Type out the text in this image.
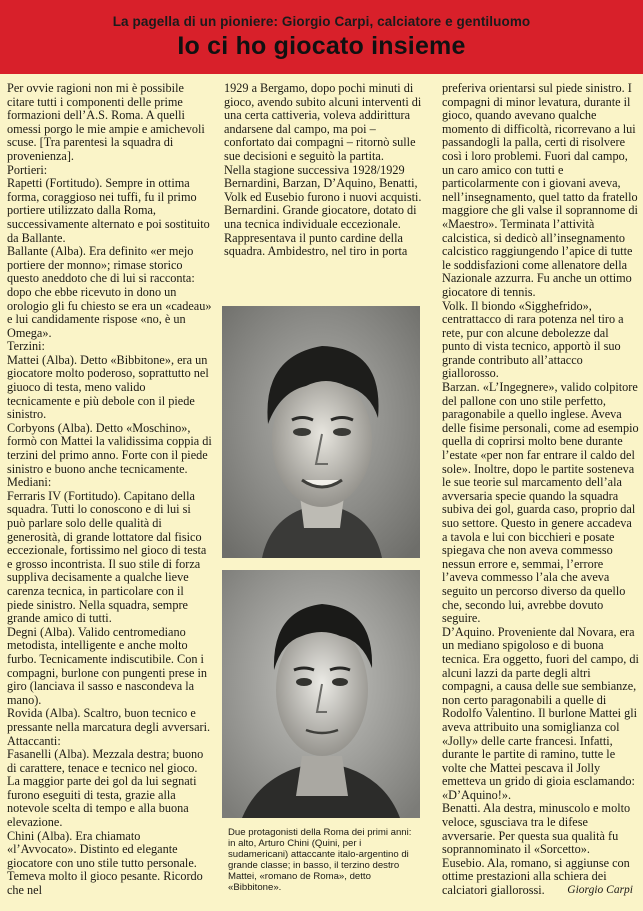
La pagella di un pioniere: Giorgio Carpi, calciatore e gentiluomo
Io ci ho giocato insieme

Per ovvie ragioni non mi è possibile citare tutti i componenti delle prime formazioni dell’A.S. Roma. A quelli omessi porgo le mie ampie e amichevoli scuse. [Tra parentesi la squadra di provenienza].

Portieri:

Rapetti (Fortitudo). Sempre in ottima forma, coraggioso nei tuffi, fu il primo portiere utilizzato dalla Roma, successivamente alternato e poi sostituito da Ballante.

Ballante (Alba). Era definito «er mejo portiere der monno»; rimase storico questo aneddoto che di lui si racconta: dopo che ebbe ricevuto in dono un orologio gli fu chiesto se era un «cadeau» e lui candidamente rispose «no, è un Omega».

Terzini:

Mattei (Alba). Detto «Bibbitone», era un giocatore molto poderoso, soprattutto nel giuoco di testa, meno valido tecnicamente e più debole con il piede sinistro.

Corbyons (Alba). Detto «Moschino», formò con Mattei la validissima coppia di terzini del primo anno. Forte con il piede sinistro e buono anche tecnicamente.

Mediani:

Ferraris IV (Fortitudo). Capitano della squadra. Tutti lo conoscono e di lui si può parlare solo delle qualità di generosità, di grande lottatore dal fisico eccezionale, fortissimo nel gioco di testa e grosso incontrista. Il suo stile di forza suppliva decisamente a qualche lieve carenza tecnica, in particolare con il piede sinistro. Nella squadra, sempre grande amico di tutti.

Degni (Alba). Valido centromediano metodista, intelligente e anche molto furbo. Tecnicamente indiscutibile. Con i compagni, burlone con pungenti prese in giro (lanciava il sasso e nascondeva la mano).

Rovida (Alba). Scaltro, buon tecnico e pressante nella marcatura degli avversari.

Attaccanti:

Fasanelli (Alba). Mezzala destra; buono di carattere, tenace e tecnico nel gioco. La maggior parte dei gol da lui segnati furono eseguiti di testa, grazie alla notevole scelta di tempo e alla buona elevazione.

Chini (Alba). Era chiamato «l’Avvocato». Distinto ed elegante giocatore con uno stile tutto personale. Temeva molto il gioco pesante. Ricordo che nel

1929 a Bergamo, dopo pochi minuti di gioco, avendo subito alcuni interventi di una certa cattiveria, voleva addirittura andarsene dal campo, ma poi – confortato dai compagni – ritornò sulle sue decisioni e seguitò la partita.

Nella stagione successiva 1928/1929 Bernardini, Barzan, D’Aquino, Benatti, Volk ed Eusebio furono i nuovi acquisti.

Bernardini. Grande giocatore, dotato di una tecnica individuale eccezionale. Rappresentava il punto cardine della squadra. Ambidestro, nel tiro in porta

preferiva orientarsi sul piede sinistro. I compagni di minor levatura, durante il gioco, quando avevano qualche momento di difficoltà, ricorrevano a lui passandogli la palla, certi di risolvere così i loro problemi. Fuori dal campo, un caro amico con tutti e particolarmente con i giovani aveva, nell’insegnamento, quel tatto da fratello maggiore che gli valse il soprannome di «Maestro». Terminata l’attività calcistica, si dedicò all’insegnamento calcistico raggiungendo l’apice di tutte le soddisfazioni come allenatore della Nazionale azzurra. Fu anche un ottimo giocatore di tennis.

Volk. Il biondo «Sigghefrido», centrattacco di rara potenza nel tiro a rete, pur con alcune debolezze dal punto di vista tecnico, apportò il suo grande contributo all’attacco giallorosso.

Barzan. «L’Ingegnere», valido colpitore del pallone con uno stile perfetto, paragonabile a quello inglese. Aveva delle fisime personali, come ad esempio quella di coprirsi molto bene durante l’estate «per non far entrare il caldo del sole». Inoltre, dopo le partite sosteneva le sue teorie sul marcamento dell’ala avversaria specie quando la squadra subiva dei gol, guarda caso, proprio dal suo settore. Questo in genere accadeva a tavola e lui con bicchieri e posate spiegava che non aveva commesso nessun errore e, semmai, l’errore l’aveva commesso l’ala che aveva seguito un percorso diverso da quello che, secondo lui, avrebbe dovuto seguire.

D’Aquino. Proveniente dal Novara, era un mediano spigoloso e di buona tecnica. Era oggetto, fuori del campo, di alcuni lazzi da parte degli altri compagni, a causa delle sue sembianze, non certo paragonabili a quelle di Rodolfo Valentino. Il burlone Mattei gli aveva attribuito una somiglianza col «Jolly» delle carte francesi. Infatti, durante le partite di ramino, tutte le volte che Mattei pescava il Jolly emetteva un grido di gioia esclamando: «D’Aquino!».

Benatti. Ala destra, minuscolo e molto veloce, sgusciava tra le difese avversarie. Per questa sua qualità fu soprannominato il «Sorcetto».

Eusebio. Ala, romano, si aggiunse con ottime prestazioni alla schiera dei calciatori giallorossi.

Due protagonisti della Roma dei primi anni: in alto, Arturo Chini (Quini, per i sudamericani) attaccante italo-argentino di grande classe; in basso, il terzino destro Mattei, «romano de Roma», detto «Bibbitone».	Giorgio Carpi
